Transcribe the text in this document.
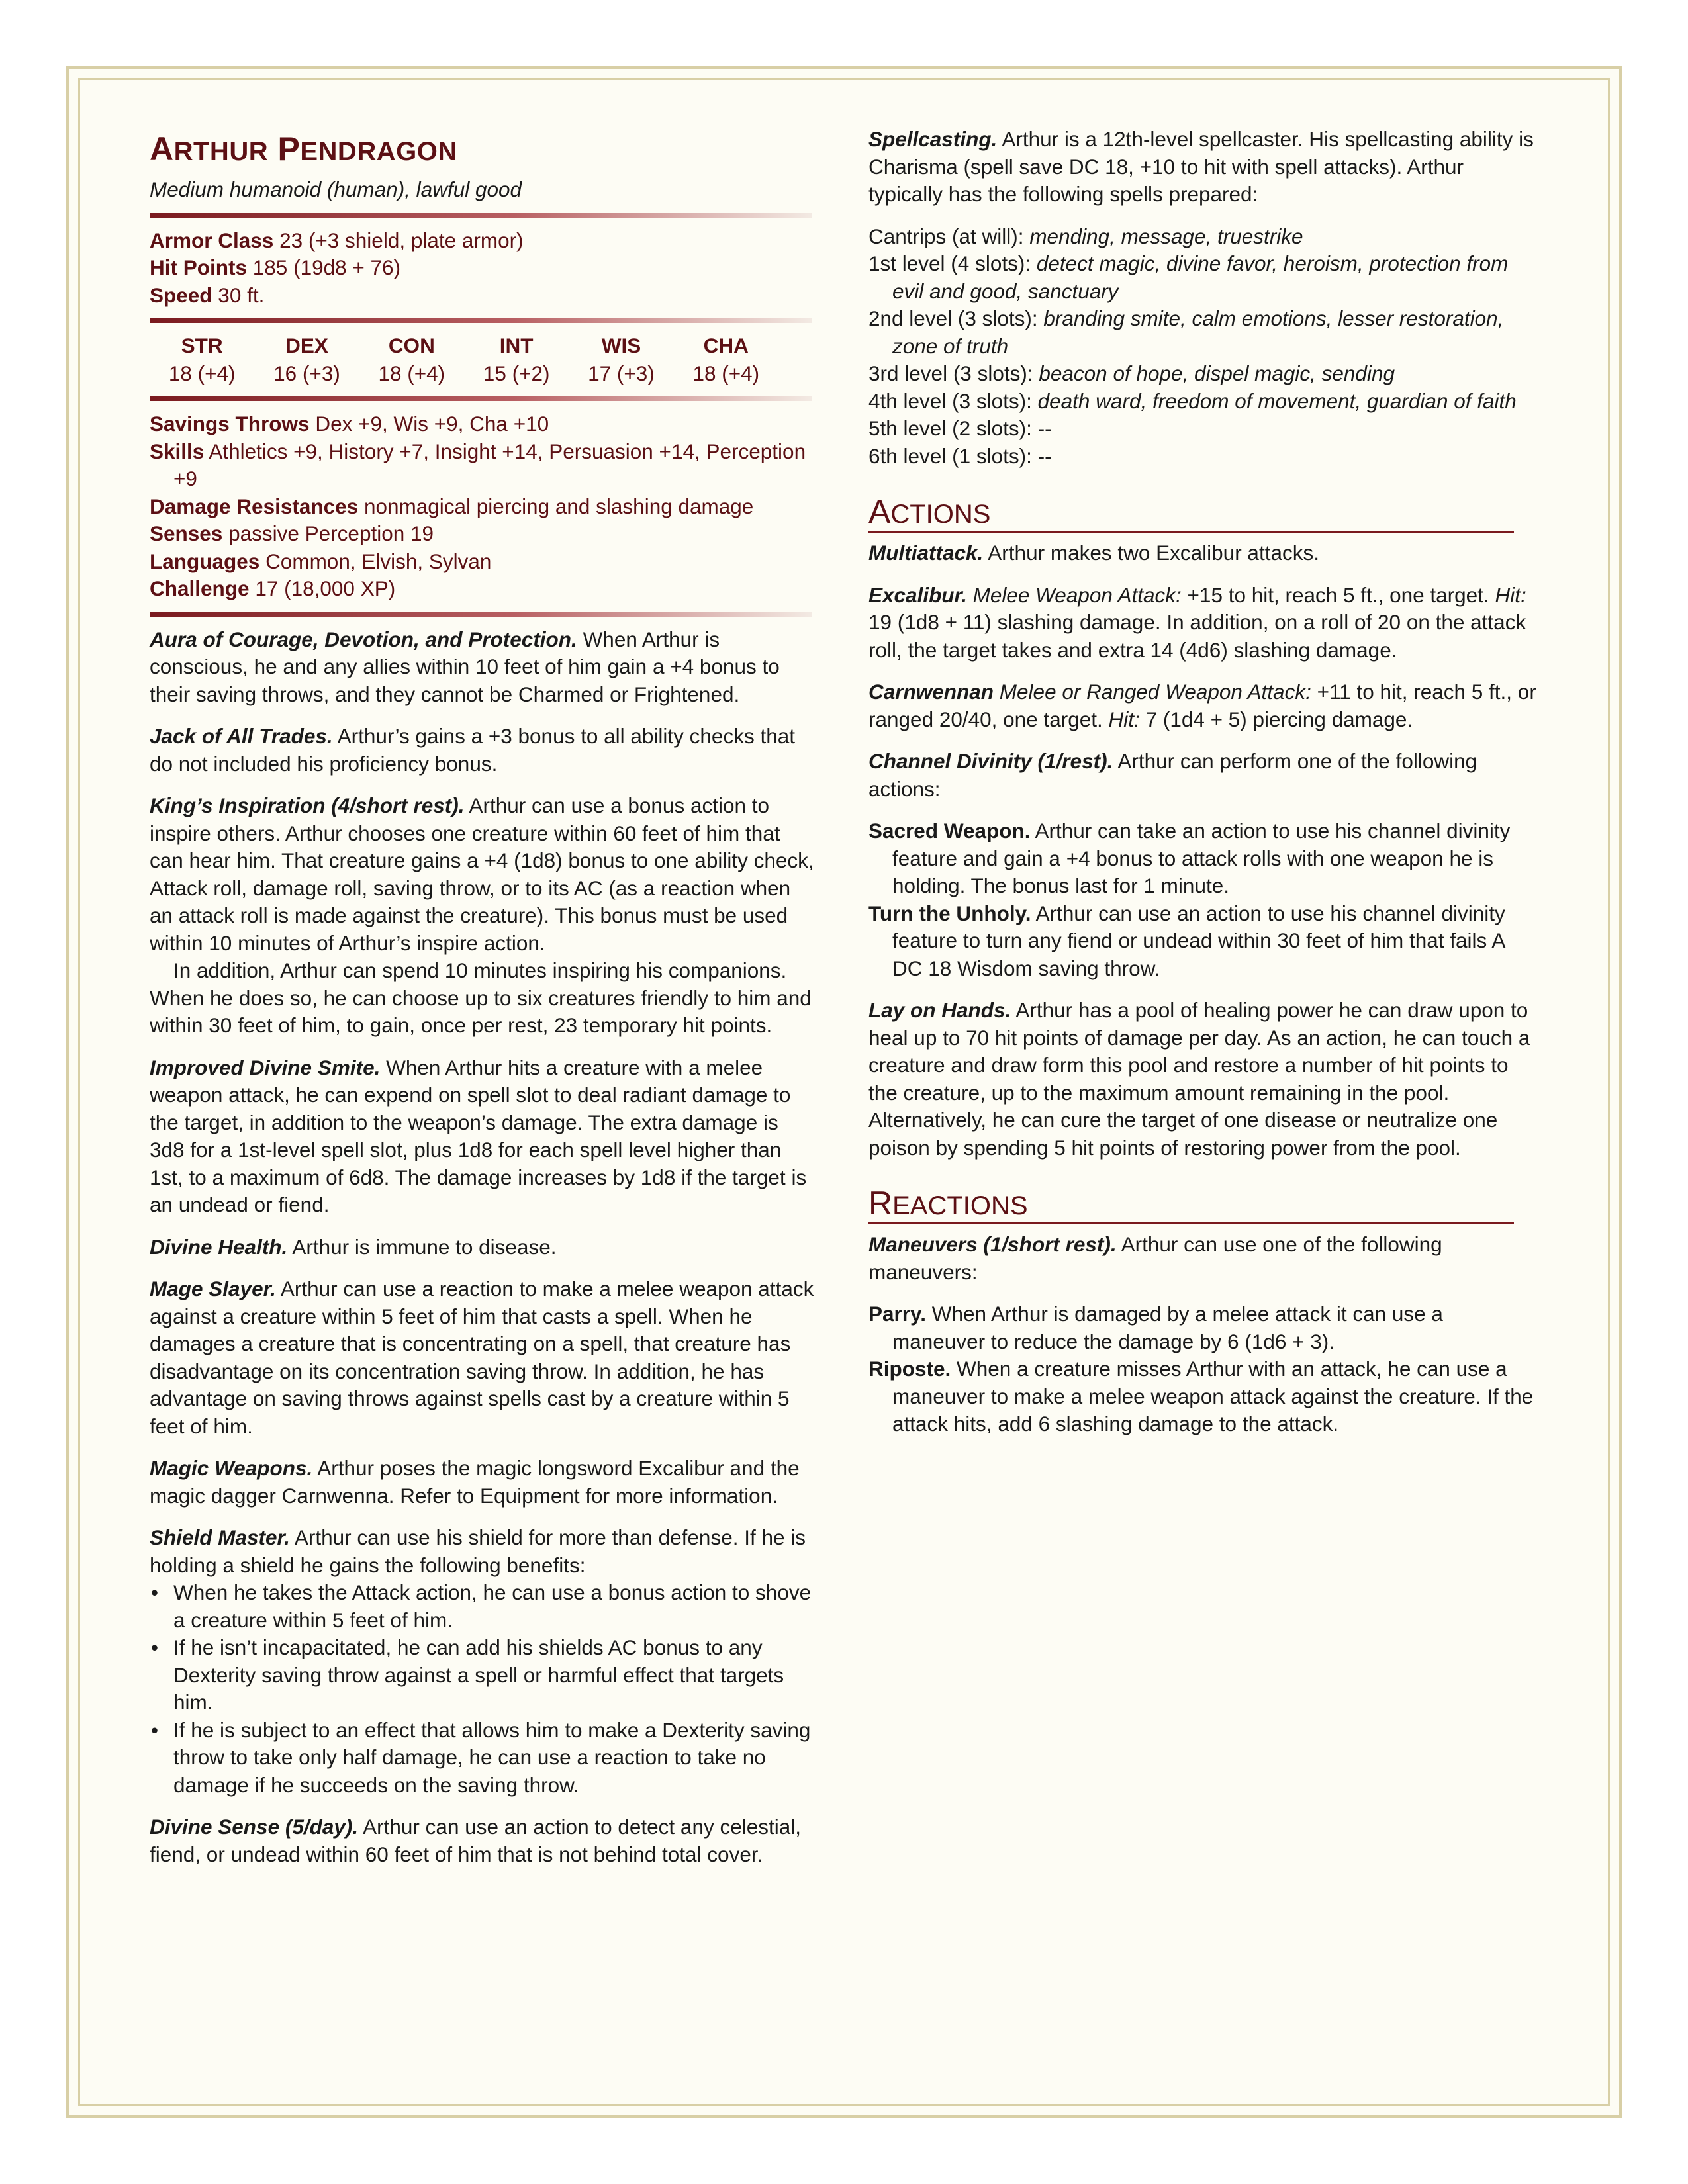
ARTHUR PENDRAGON

Medium humanoid (human), lawful good

Armor Class 23 (+3 shield, plate armor)

Hit Points 185 (19d8 + 76)

Speed 30 ft.

STR	DEX	CON	INT	WIS	CHA
18 (+4)	16 (+3)	18 (+4)	15 (+2)	17 (+3)	18 (+4)

Savings Throws Dex +9, Wis +9, Cha +10

Skills Athletics +9, History +7, Insight +14, Persuasion +14, Perception +9

Damage Resistances nonmagical piercing and slashing damage

Senses passive Perception 19

Languages Common, Elvish, Sylvan

Challenge 17 (18,000 XP)

Aura of Courage, Devotion, and Protection. When Arthur is conscious, he and any allies within 10 feet of him gain a +4 bonus to their saving throws, and they cannot be Charmed or Frightened.

Jack of All Trades. Arthur’s gains a +3 bonus to all ability checks that do not included his proficiency bonus.

King’s Inspiration (4/short rest). Arthur can use a bonus action to inspire others. Arthur chooses one creature within 60 feet of him that can hear him. That creature gains a +4 (1d8) bonus to one ability check, Attack roll, damage roll, saving throw, or to its AC (as a reaction when an attack roll is made against the creature). This bonus must be used within 10 minutes of Arthur’s inspire action.

In addition, Arthur can spend 10 minutes inspiring his companions. When he does so, he can choose up to six creatures friendly to him and within 30 feet of him, to gain, once per rest, 23 temporary hit points.

Improved Divine Smite. When Arthur hits a creature with a melee weapon attack, he can expend on spell slot to deal radiant damage to the target, in addition to the weapon’s damage. The extra damage is 3d8 for a 1st-level spell slot, plus 1d8 for each spell level higher than 1st, to a maximum of 6d8. The damage increases by 1d8 if the target is an undead or fiend.

Divine Health. Arthur is immune to disease.

Mage Slayer. Arthur can use a reaction to make a melee weapon attack against a creature within 5 feet of him that casts a spell. When he damages a creature that is concentrating on a spell, that creature has disadvantage on its concentration saving throw. In addition, he has advantage on saving throws against spells cast by a creature within 5 feet of him.

Magic Weapons. Arthur poses the magic longsword Excalibur and the magic dagger Carnwenna. Refer to Equipment for more information.

Shield Master. Arthur can use his shield for more than defense. If he is holding a shield he gains the following benefits:

• When he takes the Attack action, he can use a bonus action to shove a creature within 5 feet of him.
• If he isn’t incapacitated, he can add his shields AC bonus to any Dexterity saving throw against a spell or harmful effect that targets him.
• If he is subject to an effect that allows him to make a Dexterity saving throw to take only half damage, he can use a reaction to take no damage if he succeeds on the saving throw.

Divine Sense (5/day). Arthur can use an action to detect any celestial, fiend, or undead within 60 feet of him that is not behind total cover.

Spellcasting. Arthur is a 12th-level spellcaster. His spellcasting ability is Charisma (spell save DC 18, +10 to hit with spell attacks). Arthur typically has the following spells prepared:

Cantrips (at will): mending, message, truestrike

1st level (4 slots): detect magic, divine favor, heroism, protection from evil and good, sanctuary

2nd level (3 slots): branding smite, calm emotions, lesser restoration, zone of truth

3rd level (3 slots): beacon of hope, dispel magic, sending

4th level (3 slots): death ward, freedom of movement, guardian of faith

5th level (2 slots): --

6th level (1 slots): --

ACTIONS

Multiattack. Arthur makes two Excalibur attacks.

Excalibur. Melee Weapon Attack: +15 to hit, reach 5 ft., one target. Hit: 19 (1d8 + 11) slashing damage. In addition, on a roll of 20 on the attack roll, the target takes and extra 14 (4d6) slashing damage.

Carnwennan Melee or Ranged Weapon Attack: +11 to hit, reach 5 ft., or ranged 20/40, one target. Hit: 7 (1d4 + 5) piercing damage.

Channel Divinity (1/rest). Arthur can perform one of the following actions:

Sacred Weapon. Arthur can take an action to use his channel divinity feature and gain a +4 bonus to attack rolls with one weapon he is holding. The bonus last for 1 minute.

Turn the Unholy. Arthur can use an action to use his channel divinity feature to turn any fiend or undead within 30 feet of him that fails A DC 18 Wisdom saving throw.

Lay on Hands. Arthur has a pool of healing power he can draw upon to heal up to 70 hit points of damage per day. As an action, he can touch a creature and draw form this pool and restore a number of hit points to the creature, up to the maximum amount remaining in the pool. Alternatively, he can cure the target of one disease or neutralize one poison by spending 5 hit points of restoring power from the pool.

REACTIONS

Maneuvers (1/short rest). Arthur can use one of the following maneuvers:

Parry. When Arthur is damaged by a melee attack it can use a maneuver to reduce the damage by 6 (1d6 + 3).

Riposte. When a creature misses Arthur with an attack, he can use a maneuver to make a melee weapon attack against the creature. If the attack hits, add 6 slashing damage to the attack.
